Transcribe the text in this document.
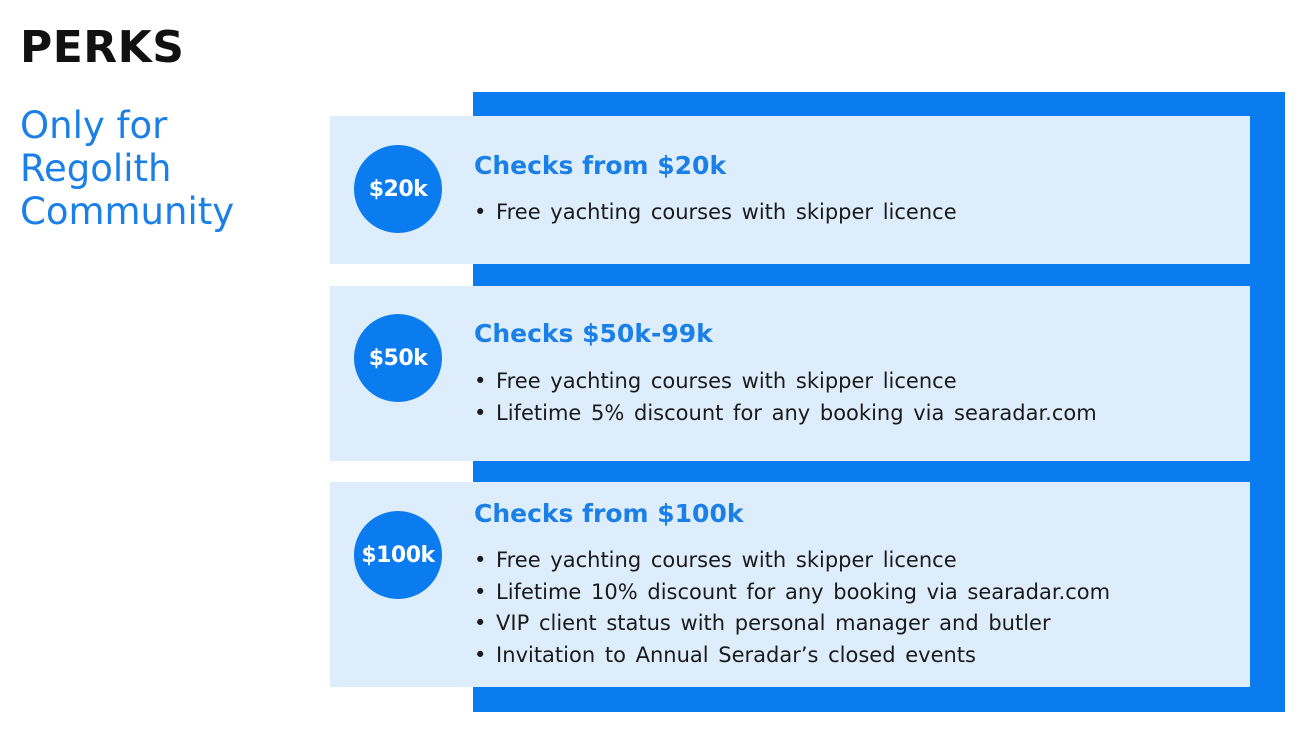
PERKS
Only for
Regolith
Community
$20k
Checks from $20k
• Free yachting courses with skipper licence
$50k
Checks $50k-99k
• Free yachting courses with skipper licence
• Lifetime 5% discount for any booking via searadar.com
$100k
Checks from $100k
• Free yachting courses with skipper licence
• Lifetime 10% discount for any booking via searadar.com
• VIP client status with personal manager and butler
• Invitation to Annual Seradar’s closed events
